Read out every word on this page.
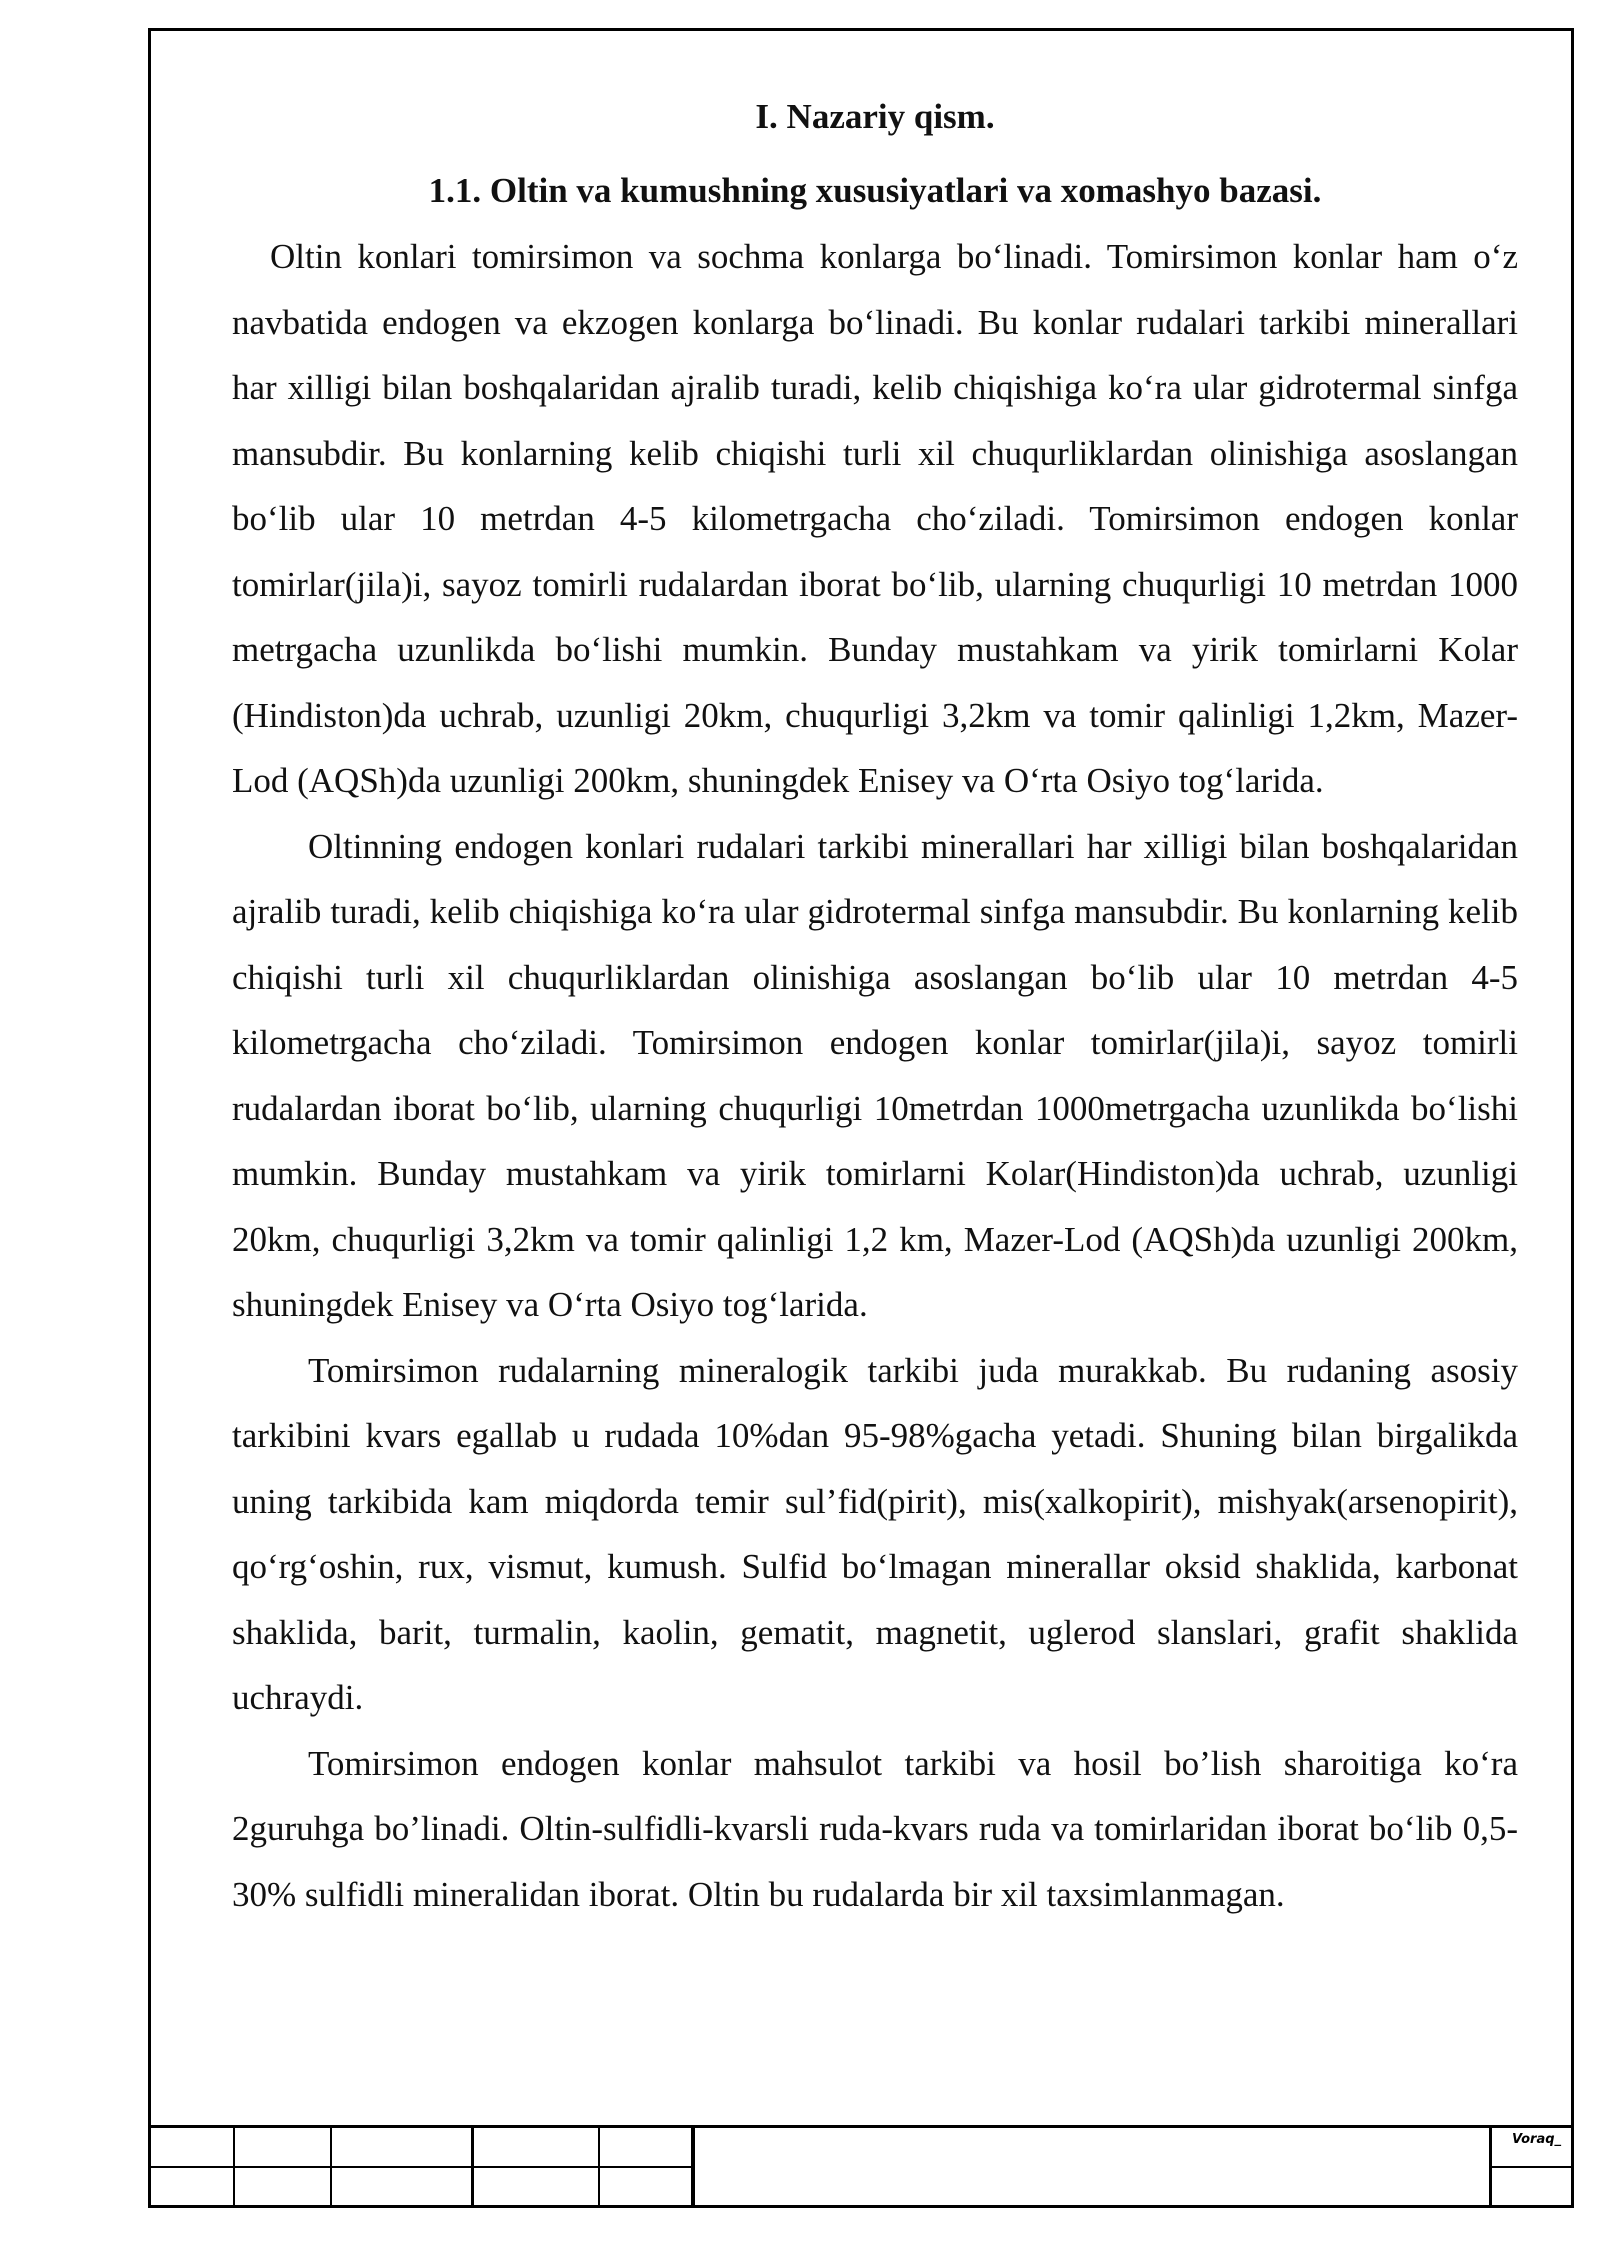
I. Nazariy qism.

1.1. Oltin va kumushning xususiyatlari va xomashyo bazasi.

Oltin konlari tomirsimon va sochma konlarga bo‘linadi. Tomirsimon konlar ham o‘z navbatida endogen va ekzogen konlarga bo‘linadi. Bu konlar rudalari tarkibi minerallari har xilligi bilan boshqalaridan ajralib turadi, kelib chiqishiga ko‘ra ular gidrotermal sinfga mansubdir. Bu konlarning kelib chiqishi turli xil chuqurliklardan olinishiga asoslangan bo‘lib ular 10 metrdan 4-5 kilometrgacha cho‘ziladi. Tomirsimon endogen konlar tomirlar(jila)i, sayoz tomirli rudalardan iborat bo‘lib, ularning chuqurligi 10 metrdan 1000 metrgacha uzunlikda bo‘lishi mumkin. Bunday mustahkam va yirik tomirlarni Kolar (Hindiston)da uchrab, uzunligi 20km, chuqurligi 3,2km va tomir qalinligi 1,2km, Mazer-Lod (AQSh)da uzunligi 200km, shuningdek Enisey va O‘rta Osiyo tog‘larida.

Oltinning endogen konlari rudalari tarkibi minerallari har xilligi bilan boshqalaridan ajralib turadi, kelib chiqishiga ko‘ra ular gidrotermal sinfga mansubdir. Bu konlarning kelib chiqishi turli xil chuqurliklardan olinishiga asoslangan bo‘lib ular 10 metrdan 4-5 kilometrgacha cho‘ziladi. Tomirsimon endogen konlar tomirlar(jila)i, sayoz tomirli rudalardan iborat bo‘lib, ularning chuqurligi 10metrdan 1000metrgacha uzunlikda bo‘lishi mumkin. Bunday mustahkam va yirik tomirlarni Kolar(Hindiston)da uchrab, uzunligi 20km, chuqurligi 3,2km va tomir qalinligi 1,2 km, Mazer-Lod (AQSh)da uzunligi 200km, shuningdek Enisey va O‘rta Osiyo tog‘larida.

Tomirsimon rudalarning mineralogik tarkibi juda murakkab. Bu rudaning asosiy tarkibini kvars egallab u rudada 10%dan 95-98%gacha yetadi. Shuning bilan birgalikda uning tarkibida kam miqdorda temir sul’fid(pirit), mis(xalkopirit), mishyak(arsenopirit), qo‘rg‘oshin, rux, vismut, kumush. Sulfid bo‘lmagan minerallar oksid shaklida, karbonat shaklida, barit, turmalin, kaolin, gematit, magnetit, uglerod slanslari, grafit shaklida uchraydi.

Tomirsimon endogen konlar mahsulot tarkibi va hosil bo’lish sharoitiga ko‘ra 2guruhga bo’linadi. Oltin-sulfidli-kvarsli ruda-kvars ruda va tomirlaridan iborat bo‘lib 0,5-30% sulfidli mineralidan iborat. Oltin bu rudalarda bir xil taxsimlanmagan.

Voraq_
